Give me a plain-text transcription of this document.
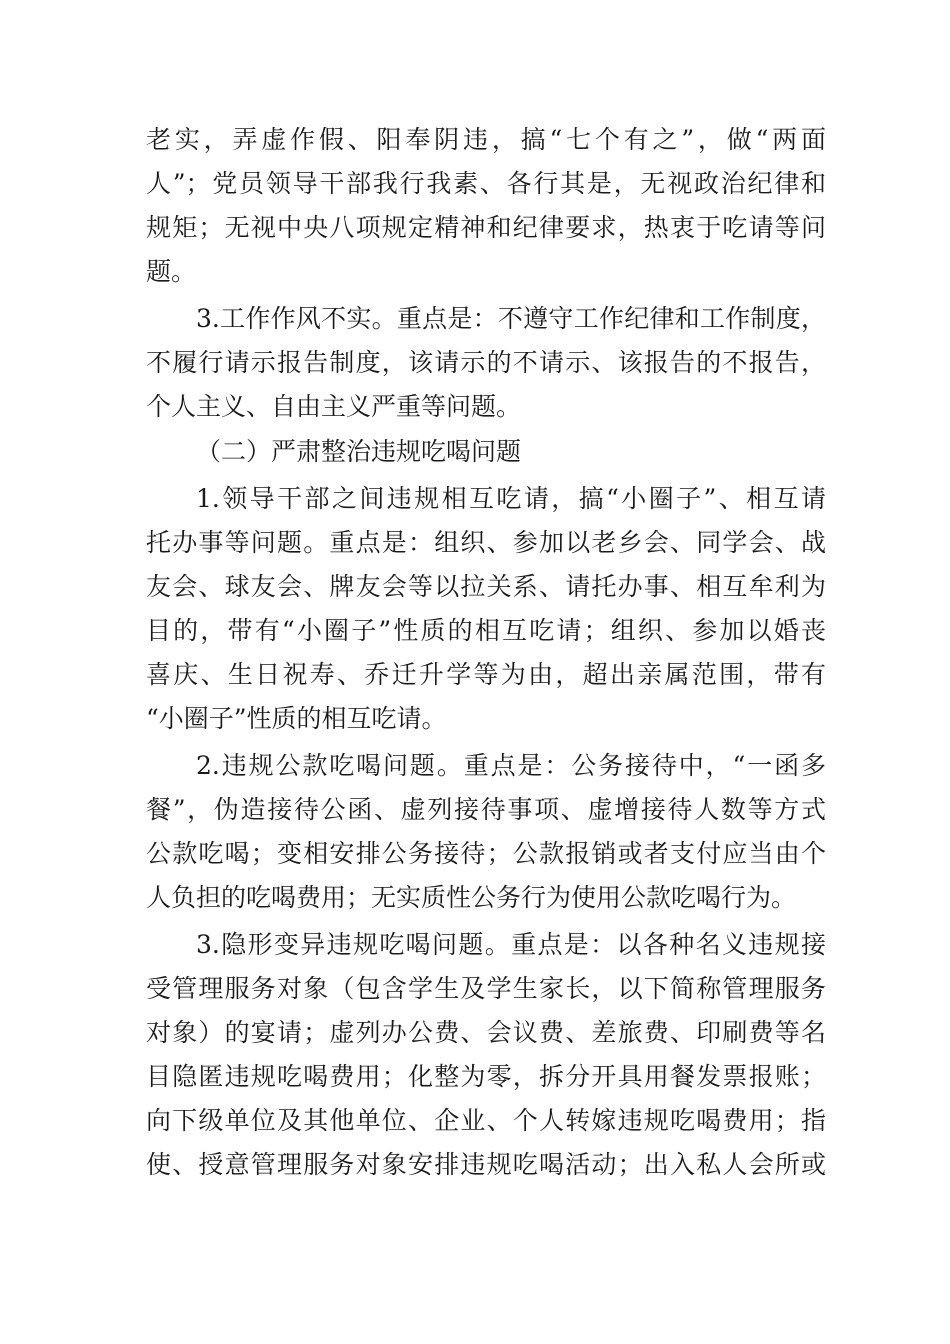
老实，弄虚作假、阳奉阴违，搞“七个有之”，做“两面
人”；党员领导干部我行我素、各行其是，无视政治纪律和
规矩；无视中央八项规定精神和纪律要求，热衷于吃请等问
题。
3.工作作风不实。重点是：不遵守工作纪律和工作制度，
不履行请示报告制度，该请示的不请示、该报告的不报告，
个人主义、自由主义严重等问题。
（二）严肃整治违规吃喝问题
1.领导干部之间违规相互吃请，搞“小圈子”、相互请
托办事等问题。重点是：组织、参加以老乡会、同学会、战
友会、球友会、牌友会等以拉关系、请托办事、相互牟利为
目的，带有“小圈子”性质的相互吃请；组织、参加以婚丧
喜庆、生日祝寿、乔迁升学等为由，超出亲属范围，带有
“小圈子”性质的相互吃请。
2.违规公款吃喝问题。重点是：公务接待中，“一函多
餐”，伪造接待公函、虚列接待事项、虚增接待人数等方式
公款吃喝；变相安排公务接待；公款报销或者支付应当由个
人负担的吃喝费用；无实质性公务行为使用公款吃喝行为。
3.隐形变异违规吃喝问题。重点是：以各种名义违规接
受管理服务对象（包含学生及学生家长，以下简称管理服务
对象）的宴请；虚列办公费、会议费、差旅费、印刷费等名
目隐匿违规吃喝费用；化整为零，拆分开具用餐发票报账；
向下级单位及其他单位、企业、个人转嫁违规吃喝费用；指
使、授意管理服务对象安排违规吃喝活动；出入私人会所或
